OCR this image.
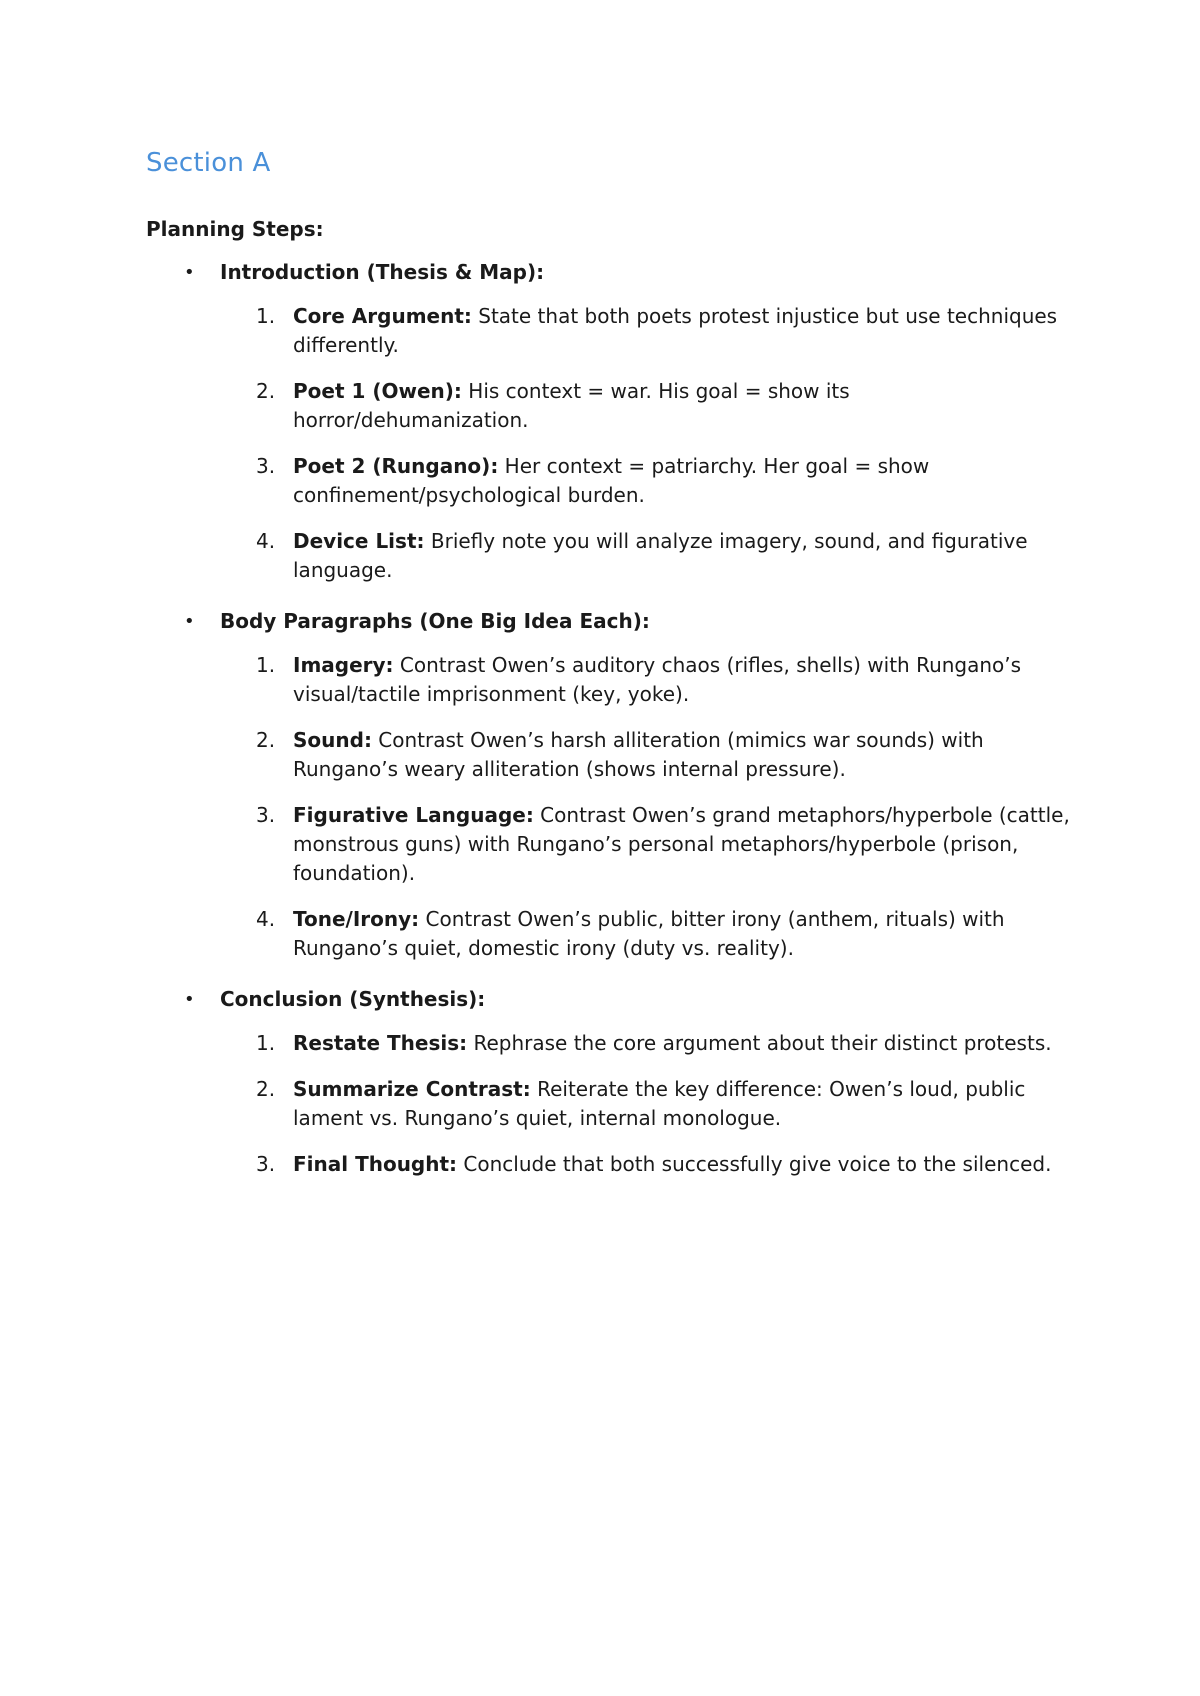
Section A
Planning Steps:
• Introduction (Thesis & Map):
1. Core Argument: State that both poets protest injustice but use techniques differently.
2. Poet 1 (Owen): His context = war. His goal = show its horror/dehumanization.
3. Poet 2 (Rungano): Her context = patriarchy. Her goal = show confinement/psychological burden.
4. Device List: Briefly note you will analyze imagery, sound, and figurative language.
• Body Paragraphs (One Big Idea Each):
1. Imagery: Contrast Owen’s auditory chaos (rifles, shells) with Rungano’s visual/tactile imprisonment (key, yoke).
2. Sound: Contrast Owen’s harsh alliteration (mimics war sounds) with Rungano’s weary alliteration (shows internal pressure).
3. Figurative Language: Contrast Owen’s grand metaphors/hyperbole (cattle, monstrous guns) with Rungano’s personal metaphors/hyperbole (prison, foundation).
4. Tone/Irony: Contrast Owen’s public, bitter irony (anthem, rituals) with Rungano’s quiet, domestic irony (duty vs. reality).
• Conclusion (Synthesis):
1. Restate Thesis: Rephrase the core argument about their distinct protests.
2. Summarize Contrast: Reiterate the key difference: Owen’s loud, public lament vs. Rungano’s quiet, internal monologue.
3. Final Thought: Conclude that both successfully give voice to the silenced.
